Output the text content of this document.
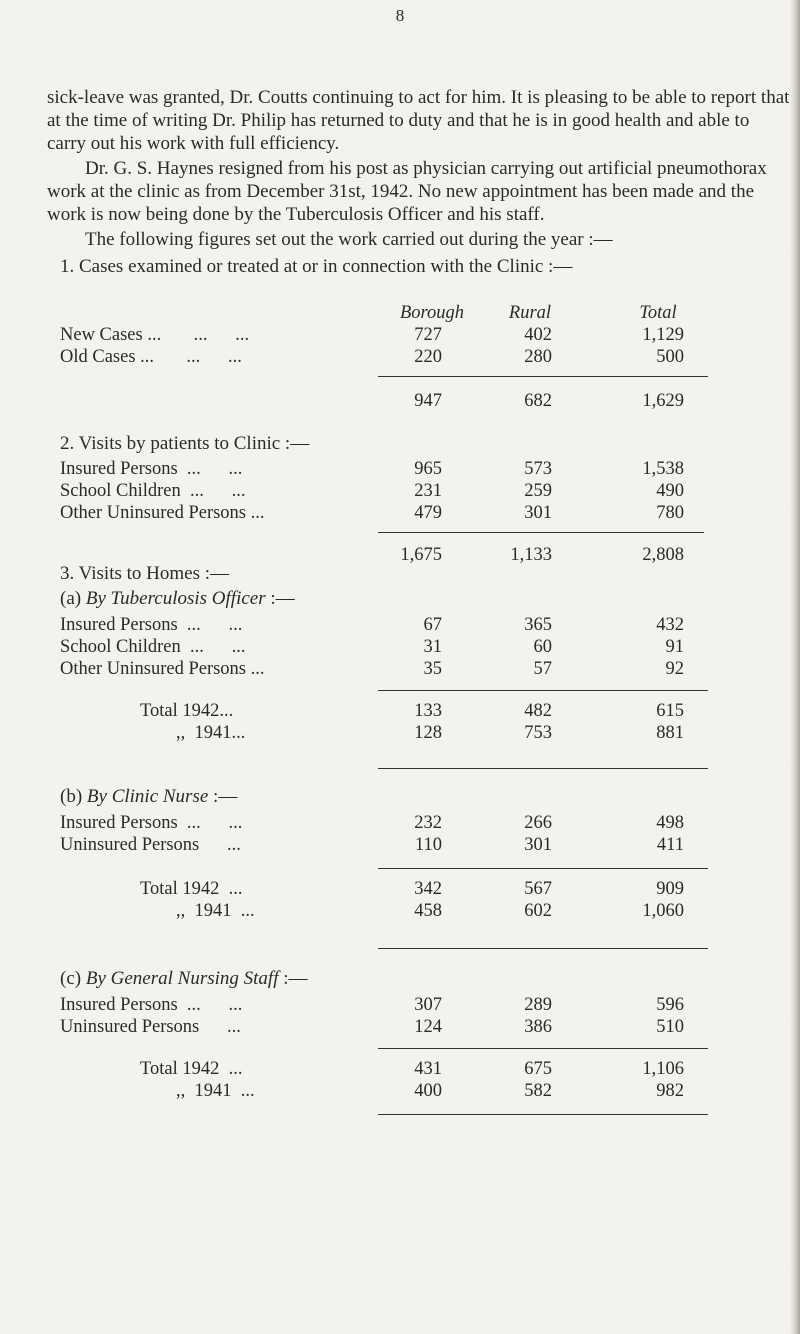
8

sick-leave was granted, Dr. Coutts continuing to act for him. It is pleasing to be able to report that at the time of writing Dr. Philip has returned to duty and that he is in good health and able to carry out his work with full efficiency.

Dr. G. S. Haynes resigned from his post as physician carrying out artificial pneumothorax work at the clinic as from December 31st, 1942. No new appointment has been made and the work is now being done by the Tuberculosis Officer and his staff.

The following figures set out the work carried out during the year :—

1. Cases examined or treated at or in connection with the Clinic :—
Borough	Rural	Total
New Cases ...       ...      ...	727	402	1,129
Old Cases ...       ...      ...	220	280	500
947	682	1,629
2. Visits by patients to Clinic :—
Insured Persons  ...      ...	965	573	1,538
School Children  ...      ...	231	259	490
Other Uninsured Persons ...	479	301	780
1,675	1,133	2,808
3. Visits to Homes :—
(a) By Tuberculosis Officer :—
Insured Persons  ...      ...	67	365	432
School Children  ...      ...	31	60	91
Other Uninsured Persons ...	35	57	92
Total 1942...	133	482	615
,,  1941...	128	753	881
(b) By Clinic Nurse :—
Insured Persons  ...      ...	232	266	498
Uninsured Persons      ...	110	301	411
Total 1942  ...	342	567	909
,,  1941  ...	458	602	1,060
(c) By General Nursing Staff :—
Insured Persons  ...      ...	307	289	596
Uninsured Persons      ...	124	386	510
Total 1942  ...	431	675	1,106
,,  1941  ...	400	582	982
